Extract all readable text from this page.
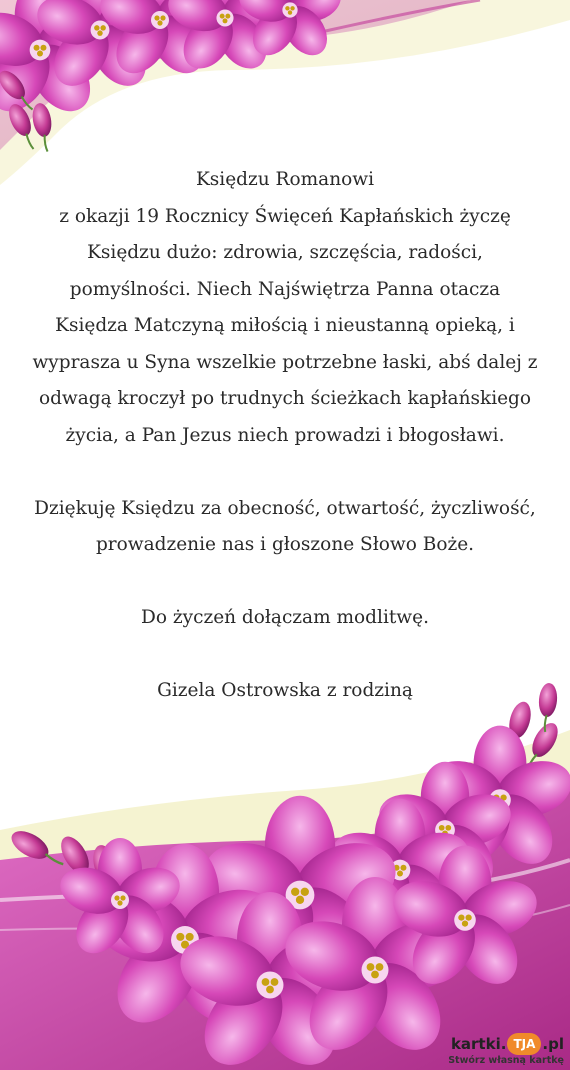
Księdzu Romanowi
z okazji 19 Rocznicy Święceń Kapłańskich życzę
Księdzu dużo: zdrowia, szczęścia, radości,
pomyślności. Niech Najświętrza Panna otacza
Księdza Matczyną miłością i nieustanną opieką, i
wyprasza u Syna wszelkie potrzebne łaski, abś dalej z
odwagą kroczył po trudnych ścieżkach kapłańskiego
życia, a Pan Jezus niech prowadzi i błogosławi.
Dziękuję Księdzu za obecność, otwartość, życzliwość,
prowadzenie nas i głoszone Słowo Boże.
Do życzeń dołączam modlitwę.
Gizela Ostrowska z rodziną
kartki. TJA .pl
Stwórz własną kartkę
